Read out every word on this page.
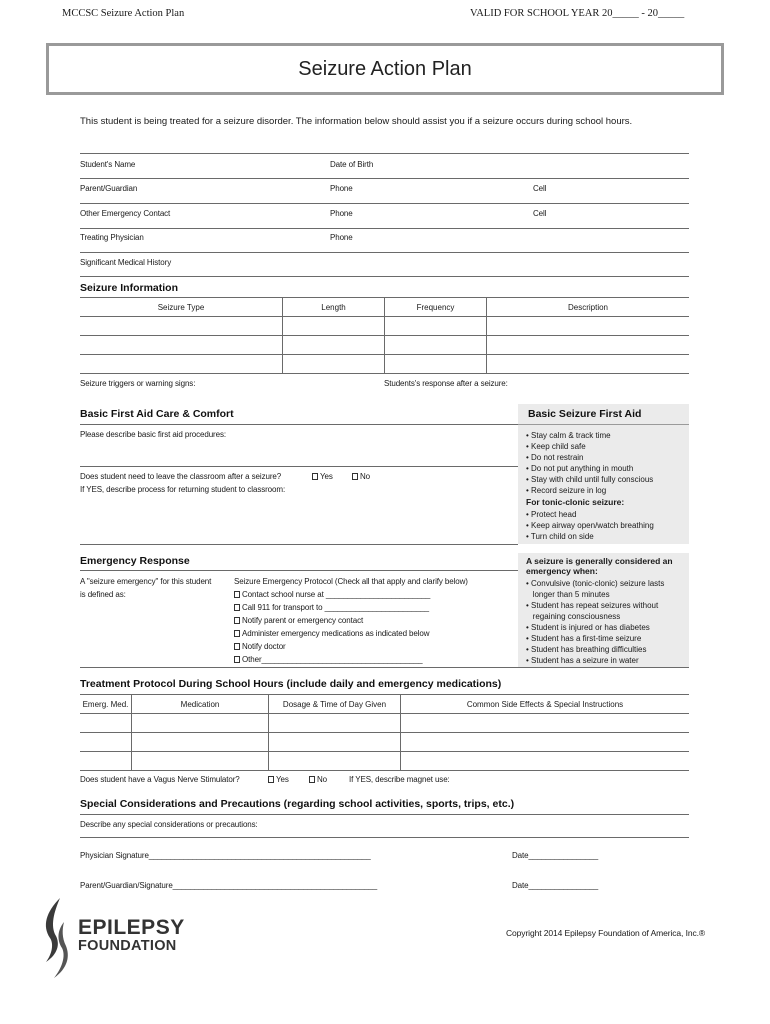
MCCSC Seizure Action Plan	VALID FOR SCHOOL YEAR 20_____ - 20_____
Seizure Action Plan
This student is being treated for a seizure disorder. The information below should assist you if a seizure occurs during school hours.
Student's Name	Date of Birth
Parent/Guardian	Phone	Cell
Other Emergency Contact	Phone	Cell
Treating Physician	Phone
Significant Medical History
Seizure Information
Seizure Type	Length	Frequency	Description
Seizure triggers or warning signs:	Students's response after a seizure:
Basic First Aid Care & Comfort
Please describe basic first aid procedures:
Does student need to leave the classroom after a seizure?	Yes	No
If YES, describe process for returning student to classroom:
Basic Seizure First Aid
• Stay calm & track time
• Keep child safe
• Do not restrain
• Do not put anything in mouth
• Stay with child until fully conscious
• Record seizure in log
For tonic-clonic seizure:
• Protect head
• Keep airway open/watch breathing
• Turn child on side
Emergency Response
A "seizure emergency" for this student
is defined as:
Seizure Emergency Protocol (Check all that apply and clarify below)
Contact school nurse at ________________________
Call 911 for transport to ________________________
Notify parent or emergency contact
Administer emergency medications as indicated below
Notify doctor
Other_____________________________________
A seizure is generally considered an emergency when:
• Convulsive (tonic-clonic) seizure lasts
longer than 5 minutes
• Student has repeat seizures without
regaining consciousness
• Student is injured or has diabetes
• Student has a first-time seizure
• Student has breathing difficulties
• Student has a seizure in water
Treatment Protocol During School Hours (include daily and emergency medications)
Emerg. Med.	Medication	Dosage & Time of Day Given	Common Side Effects & Special Instructions
Does student have a Vagus Nerve Stimulator?	Yes	No	If YES, describe magnet use:
Special Considerations and Precautions (regarding school activities, sports, trips, etc.)
Describe any special considerations or precautions:
Physician Signature___________________________________________________	Date________________
Parent/Guardian/Signature_______________________________________________	Date________________
EPILEPSY
FOUNDATION
Copyright 2014 Epilepsy Foundation of America, Inc.®
